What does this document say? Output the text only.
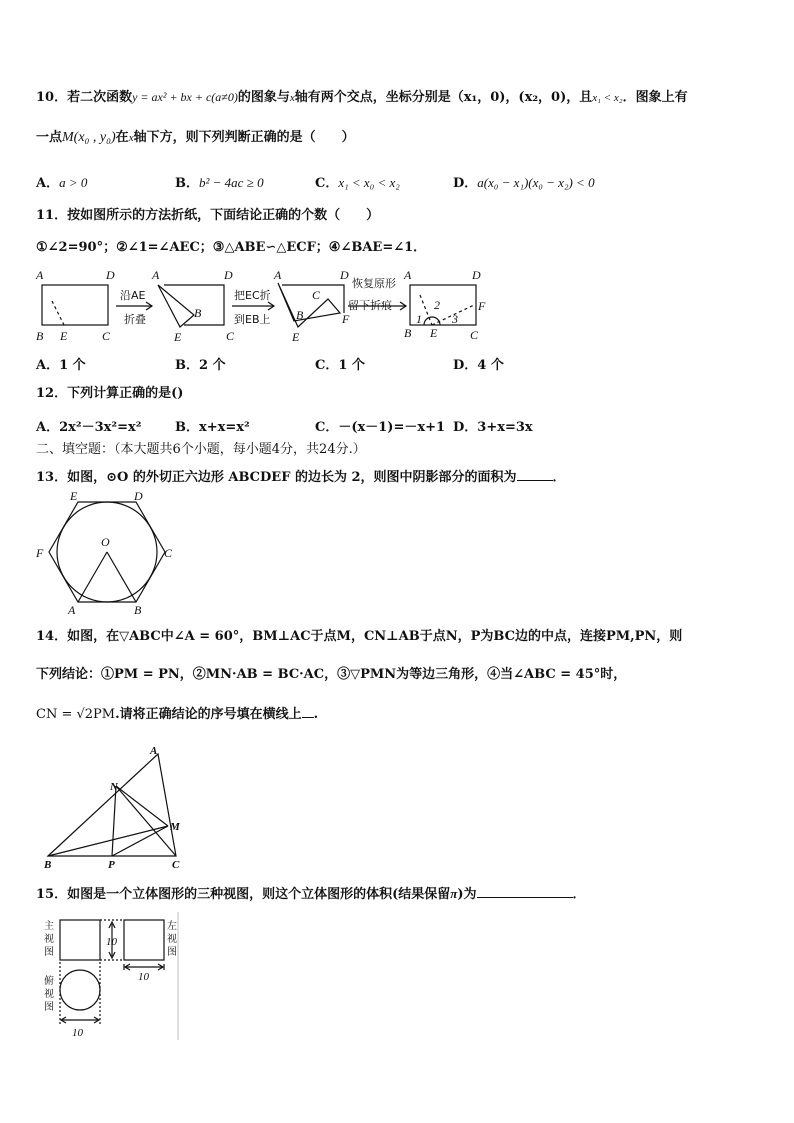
10．若二次函数y = ax² + bx + c(a≠0)的图象与x轴有两个交点，坐标分别是（x₁，0)，(x₂，0)，且x₁ < x₂．图象上有
一点M(x₀ , y₀)在x轴下方，则下列判断正确的是（　　）
A．a > 0	B．b² − 4ac ≥ 0	C．x₁ < x₀ < x₂	D．a(x₀ − x₁)(x₀ − x₂) < 0
11．按如图所示的方法折纸，下面结论正确的个数（　　）
①∠2=90°；②∠1=∠AEC；③△ABE∽△ECF；④∠BAE=∠1．
A	D
B E	C
A	D
B
E	C
A	D
B
C
E
F
A	D
F
B E	C
1
2
3
沿AE
折叠
把EC折
到EB上
恢复原形
留下折痕
A．1 个	B．2 个	C．1 个	D．4 个
12．下列计算正确的是()
A．2x²－3x²=x²	B．x+x=x²	C．－(x－1)=－x+1 D．3+x=3x
二、填空题：（本大题共6个小题，每小题4分，共24分.）
13．如图，⊙O 的外切正六边形 ABCDEF 的边长为 2，则图中阴影部分的面积为	．
E	D
F	C
O
A	B
14．如图，在▽ABC中∠A = 60°，BM⊥AC于点M，CN⊥AB于点N，P为BC边的中点，连接PM,PN，则
下列结论：①PM = PN，②MN·AB = BC·AC，③▽PMN为等边三角形，④当∠ABC = 45°时，
CN = √2PM.请将正确结论的序号填在横线上 .
A
N
M
B	P	C
15．如图是一个立体图形的三种视图，则这个立体图形的体积(结果保留π)为	．
主
视
图
左
视
图
俯
视
图
10
10
10
